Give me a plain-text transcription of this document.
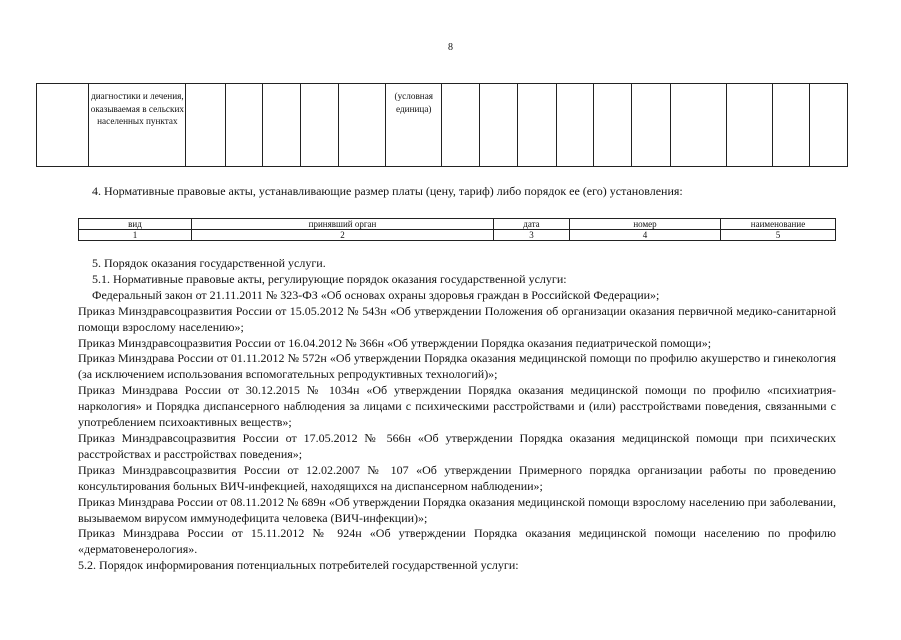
8
	диагностики и лечения, оказываемая в сельских населенных пунктах						(условная единица)										
4. Нормативные правовые акты, устанавливающие размер платы (цену, тариф) либо порядок ее (его) установления:
вид	принявший орган	дата	номер	наименование
1	2	3	4	5

5. Порядок оказания государственной услуги.

5.1. Нормативные правовые акты, регулирующие порядок оказания государственной услуги:

Федеральный закон от 21.11.2011 № 323-ФЗ «Об основах охраны здоровья граждан в Российской Федерации»;

Приказ Минздравсоцразвития России от 15.05.2012 № 543н «Об утверждении Положения об организации оказания первичной медико-санитарной помощи взрослому населению»;

Приказ Минздравсоцразвития России от 16.04.2012 № 366н «Об утверждении Порядка оказания педиатрической помощи»;

Приказ Минздрава России от 01.11.2012 № 572н «Об утверждении Порядка оказания медицинской помощи по профилю акушерство и гинекология (за исключением использования вспомогательных репродуктивных технологий)»;

Приказ Минздрава России от 30.12.2015 № 1034н «Об утверждении Порядка оказания медицинской помощи по профилю «психиатрия-наркология» и Порядка диспансерного наблюдения за лицами с психическими расстройствами и (или) расстройствами поведения, связанными с употреблением психоактивных веществ»;

Приказ Минздравсоцразвития России от 17.05.2012 № 566н «Об утверждении Порядка оказания медицинской помощи при психических расстройствах и расстройствах поведения»;

Приказ Минздравсоцразвития России от 12.02.2007 № 107 «Об утверждении Примерного порядка организации работы по проведению консультирования больных ВИЧ-инфекцией, находящихся на диспансерном наблюдении»;

Приказ Минздрава России от 08.11.2012 № 689н «Об утверждении Порядка оказания медицинской помощи взрослому населению при заболевании, вызываемом вирусом иммунодефицита человека (ВИЧ-инфекции)»;

Приказ Минздрава России от 15.11.2012 № 924н «Об утверждении Порядка оказания медицинской помощи населению по профилю «дерматовенерология».

5.2. Порядок информирования потенциальных потребителей государственной услуги:
